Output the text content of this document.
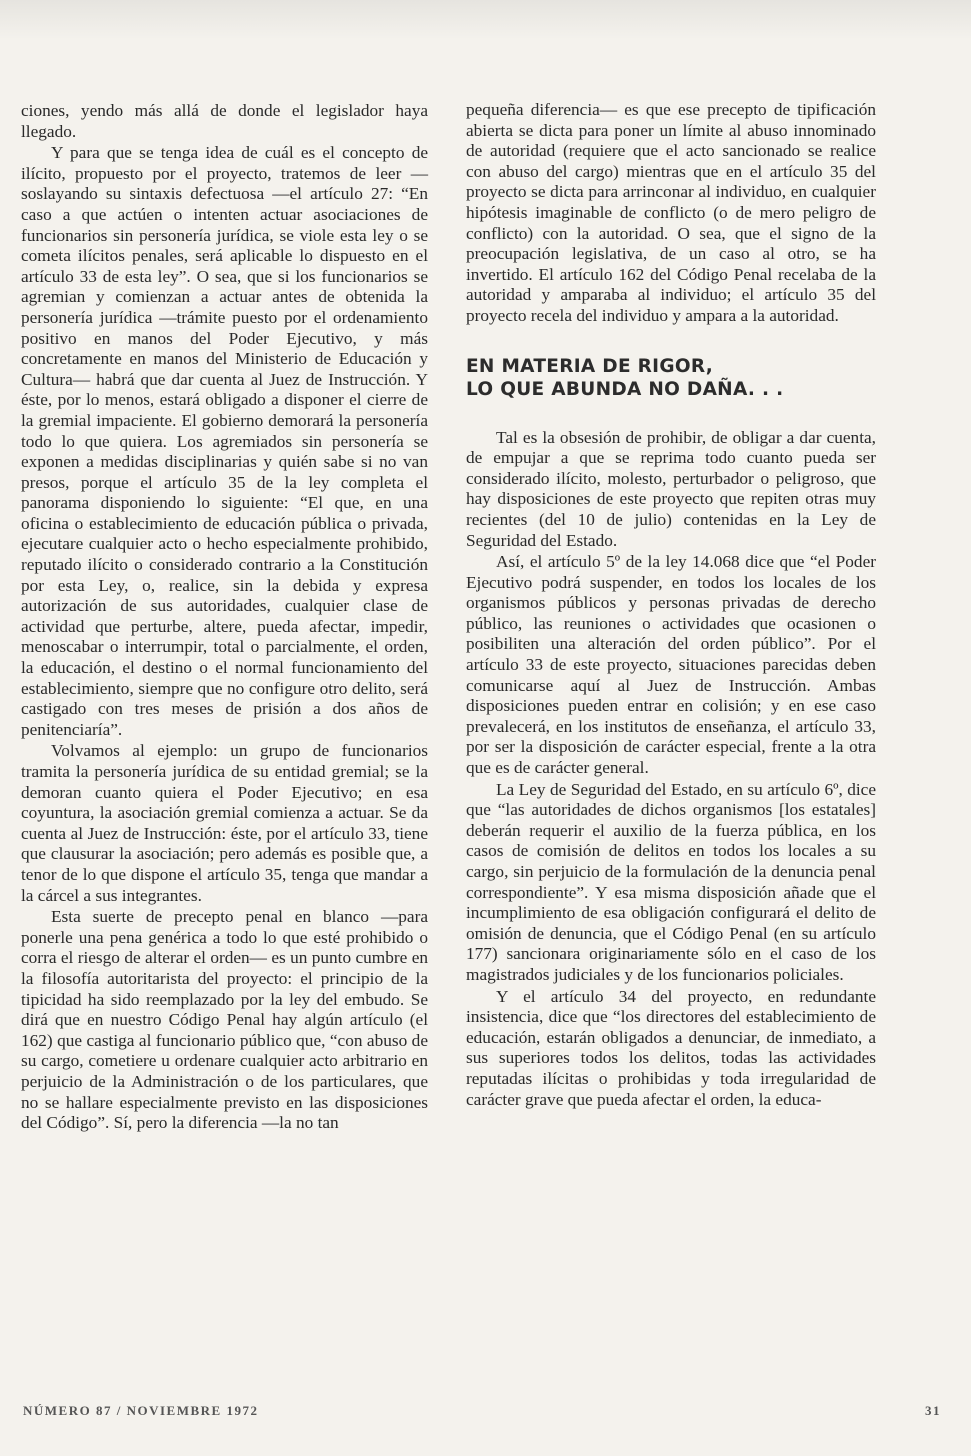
ciones, yendo más allá de donde el legislador haya llegado.

Y para que se tenga idea de cuál es el concepto de ilícito, propuesto por el proyecto, tratemos de leer —soslayando su sintaxis defectuosa —el artículo 27: “En caso a que actúen o intenten actuar asociaciones de funcionarios sin personería jurídica, se viole esta ley o se cometa ilícitos penales, será aplicable lo dispuesto en el artículo 33 de esta ley”. O sea, que si los funcionarios se agremian y comienzan a actuar antes de obtenida la personería jurídica —trámite puesto por el ordenamiento positivo en manos del Poder Ejecutivo, y más concretamente en manos del Ministerio de Educación y Cultura— habrá que dar cuenta al Juez de Instrucción. Y éste, por lo menos, estará obligado a disponer el cierre de la gremial impaciente. El gobierno demorará la personería todo lo que quiera. Los agremiados sin personería se exponen a medidas disciplinarias y quién sabe si no van presos, porque el artículo 35 de la ley completa el panorama disponiendo lo siguiente: “El que, en una oficina o establecimiento de educación pública o privada, ejecutare cualquier acto o hecho especialmente prohibido, reputado ilícito o considerado contrario a la Constitución por esta Ley, o, realice, sin la debida y expresa autorización de sus autoridades, cualquier clase de actividad que perturbe, altere, pueda afectar, impedir, menoscabar o interrumpir, total o parcialmente, el orden, la educación, el destino o el normal funcionamiento del establecimiento, siempre que no configure otro delito, será castigado con tres meses de prisión a dos años de penitenciaría”.

Volvamos al ejemplo: un grupo de funcionarios tramita la personería jurídica de su entidad gremial; se la demoran cuanto quiera el Poder Ejecutivo; en esa coyuntura, la asociación gremial comienza a actuar. Se da cuenta al Juez de Instrucción: éste, por el artículo 33, tiene que clausurar la asociación; pero además es posible que, a tenor de lo que dispone el artículo 35, tenga que mandar a la cárcel a sus integrantes.

Esta suerte de precepto penal en blanco —para ponerle una pena genérica a todo lo que esté prohibido o corra el riesgo de alterar el orden— es un punto cumbre en la filosofía autoritarista del proyecto: el principio de la tipicidad ha sido reemplazado por la ley del embudo. Se dirá que en nuestro Código Penal hay algún artículo (el 162) que castiga al funcionario público que, “con abuso de su cargo, cometiere u ordenare cualquier acto arbitrario en perjuicio de la Administración o de los particulares, que no se hallare especialmente previsto en las disposiciones del Código”. Sí, pero la diferencia —la no tan

pequeña diferencia— es que ese precepto de tipificación abierta se dicta para poner un límite al abuso innominado de autoridad (requiere que el acto sancionado se realice con abuso del cargo) mientras que en el artículo 35 del proyecto se dicta para arrinconar al individuo, en cualquier hipótesis imaginable de conflicto (o de mero peligro de conflicto) con la autoridad. O sea, que el signo de la preocupación legislativa, de un caso al otro, se ha invertido. El artículo 162 del Código Penal recelaba de la autoridad y amparaba al individuo; el artículo 35 del proyecto recela del individuo y ampara a la autoridad.

EN MATERIA DE RIGOR,
LO QUE ABUNDA NO DAÑA. . .

Tal es la obsesión de prohibir, de obligar a dar cuenta, de empujar a que se reprima todo cuanto pueda ser considerado ilícito, molesto, perturbador o peligroso, que hay disposiciones de este proyecto que repiten otras muy recientes (del 10 de julio) contenidas en la Ley de Seguridad del Estado.

Así, el artículo 5º de la ley 14.068 dice que “el Poder Ejecutivo podrá suspender, en todos los locales de los organismos públicos y personas privadas de derecho público, las reuniones o actividades que ocasionen o posibiliten una alteración del orden público”. Por el artículo 33 de este proyecto, situaciones parecidas deben comunicarse aquí al Juez de Instrucción. Ambas disposiciones pueden entrar en colisión; y en ese caso prevalecerá, en los institutos de enseñanza, el artículo 33, por ser la disposición de carácter especial, frente a la otra que es de carácter general.

La Ley de Seguridad del Estado, en su artículo 6º, dice que “las autoridades de dichos organismos [los estatales] deberán requerir el auxilio de la fuerza pública, en los casos de comisión de delitos en todos los locales a su cargo, sin perjuicio de la formulación de la denuncia penal correspondiente”. Y esa misma disposición añade que el incumplimiento de esa obligación configurará el delito de omisión de denuncia, que el Código Penal (en su artículo 177) sancionara originariamente sólo en el caso de los magistrados judiciales y de los funcionarios policiales.

Y el artículo 34 del proyecto, en redundante insistencia, dice que “los directores del establecimiento de educación, estarán obligados a denunciar, de inmediato, a sus superiores todos los delitos, todas las actividades reputadas ilícitas o prohibidas y toda irregularidad de carácter grave que pueda afectar el orden, la educa-

NÚMERO 87 / NOVIEMBRE 1972	31
